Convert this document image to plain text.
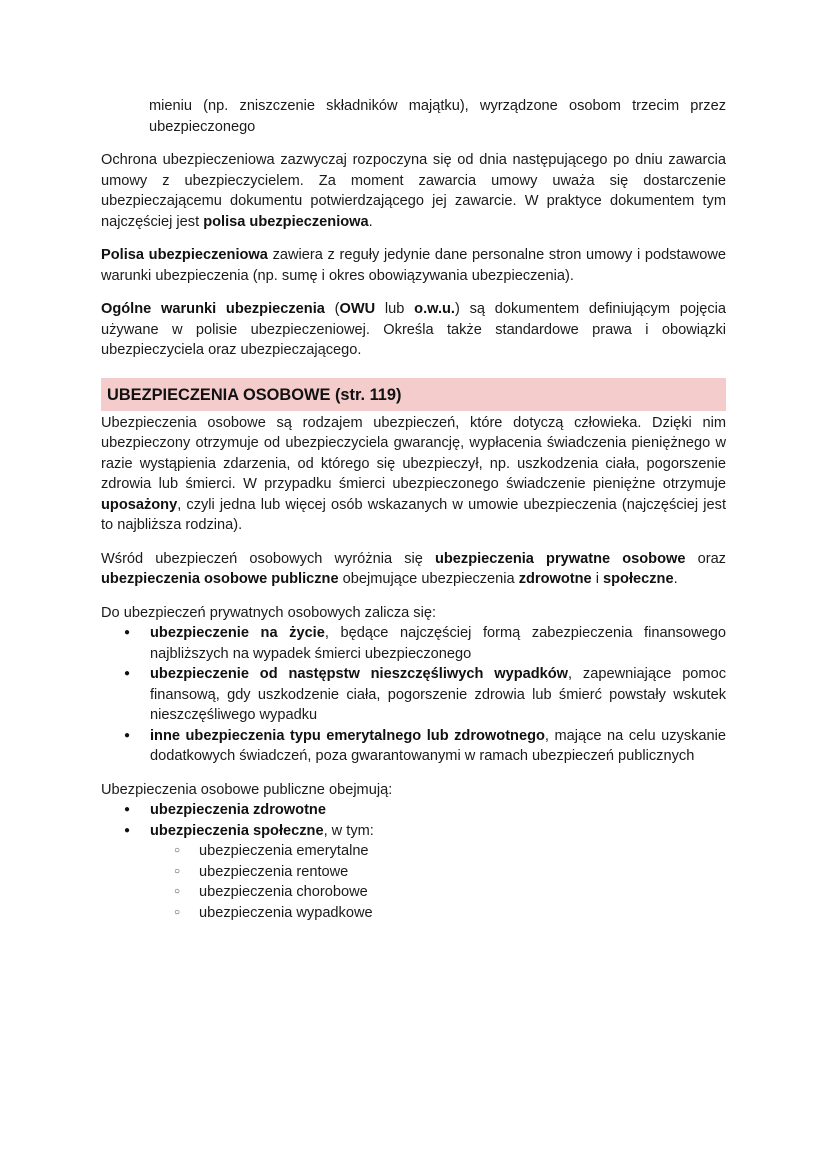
mieniu (np. zniszczenie składników majątku), wyrządzone osobom trzecim przez ubezpieczonego

Ochrona ubezpieczeniowa zazwyczaj rozpoczyna się od dnia następującego po dniu zawarcia umowy z ubezpieczycielem. Za moment zawarcia umowy uważa się dostarczenie ubezpieczającemu dokumentu potwierdzającego jej zawarcie. W praktyce dokumentem tym najczęściej jest polisa ubezpieczeniowa.

Polisa ubezpieczeniowa zawiera z reguły jedynie dane personalne stron umowy i podstawowe warunki ubezpieczenia (np. sumę i okres obowiązywania ubezpieczenia).

Ogólne warunki ubezpieczenia (OWU lub o.w.u.) są dokumentem definiującym pojęcia używane w polisie ubezpieczeniowej. Określa także standardowe prawa i obowiązki ubezpieczyciela oraz ubezpieczającego.

UBEZPIECZENIA OSOBOWE (str. 119)

Ubezpieczenia osobowe są rodzajem ubezpieczeń, które dotyczą człowieka. Dzięki nim ubezpieczony otrzymuje od ubezpieczyciela gwarancję, wypłacenia świadczenia pieniężnego w razie wystąpienia zdarzenia, od którego się ubezpieczył, np. uszkodzenia ciała, pogorszenie zdrowia lub śmierci. W przypadku śmierci ubezpieczonego świadczenie pieniężne otrzymuje uposażony, czyli jedna lub więcej osób wskazanych w umowie ubezpieczenia (najczęściej jest to najbliższa rodzina).

Wśród ubezpieczeń osobowych wyróżnia się ubezpieczenia prywatne osobowe oraz ubezpieczenia osobowe publiczne obejmujące ubezpieczenia zdrowotne i społeczne.

Do ubezpieczeń prywatnych osobowych zalicza się:

● ubezpieczenie na życie, będące najczęściej formą zabezpieczenia finansowego najbliższych na wypadek śmierci ubezpieczonego
● ubezpieczenie od następstw nieszczęśliwych wypadków, zapewniające pomoc finansową, gdy uszkodzenie ciała, pogorszenie zdrowia lub śmierć powstały wskutek nieszczęśliwego wypadku
● inne ubezpieczenia typu emerytalnego lub zdrowotnego, mające na celu uzyskanie dodatkowych świadczeń, poza gwarantowanymi w ramach ubezpieczeń publicznych

Ubezpieczenia osobowe publiczne obejmują:

● ubezpieczenia zdrowotne
● ubezpieczenia społeczne, w tym:
○ ubezpieczenia emerytalne
○ ubezpieczenia rentowe
○ ubezpieczenia chorobowe
○ ubezpieczenia wypadkowe
